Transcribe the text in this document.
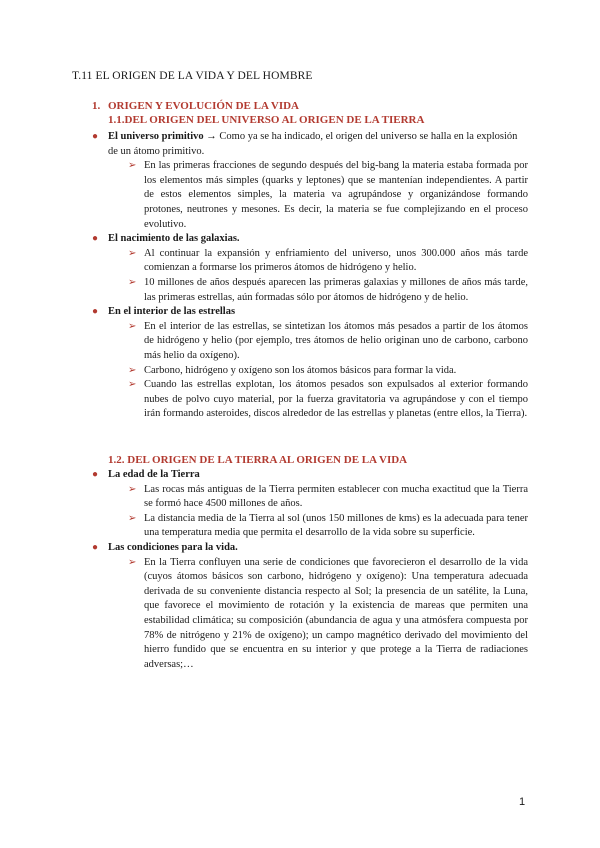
T.11 EL ORIGEN DE LA VIDA Y DEL HOMBRE
1. ORIGEN Y EVOLUCIÓN DE LA VIDA
1.1.DEL ORIGEN DEL UNIVERSO AL ORIGEN DE LA TIERRA
● El universo primitivo → Como ya se ha indicado, el origen del universo se halla en la explosión de un átomo primitivo.
➢ En las primeras fracciones de segundo después del big-bang la materia estaba formada por los elementos más simples (quarks y leptones) que se mantenían independientes. A partir de estos elementos simples, la materia va agrupándose y organizándose formando protones, neutrones y mesones. Es decir, la materia se fue complejizando en el proceso evolutivo.
● El nacimiento de las galaxias.
➢ Al continuar la expansión y enfriamiento del universo, unos 300.000 años más tarde comienzan a formarse los primeros átomos de hidrógeno y helio.
➢ 10 millones de años después aparecen las primeras galaxias y millones de años más tarde, las primeras estrellas, aún formadas sólo por átomos de hidrógeno y de helio.
● En el interior de las estrellas
➢ En el interior de las estrellas, se sintetizan los átomos más pesados a partir de los átomos de hidrógeno y helio (por ejemplo, tres átomos de helio originan uno de carbono, carbono más helio da oxígeno).
➢ Carbono, hidrógeno y oxígeno son los átomos básicos para formar la vida.
➢ Cuando las estrellas explotan, los átomos pesados son expulsados al exterior formando nubes de polvo cuyo material, por la fuerza gravitatoria va agrupándose y con el tiempo irán formando asteroides, discos alrededor de las estrellas y planetas (entre ellos, la Tierra).
1.2. DEL ORIGEN DE LA TIERRA AL ORIGEN DE LA VIDA
● La edad de la Tierra
➢ Las rocas más antiguas de la Tierra permiten establecer con mucha exactitud que la Tierra se formó hace 4500 millones de años.
➢ La distancia media de la Tierra al sol (unos 150 millones de kms) es la adecuada para tener una temperatura media que permita el desarrollo de la vida sobre su superficie.
● Las condiciones para la vida.
➢ En la Tierra confluyen una serie de condiciones que favorecieron el desarrollo de la vida (cuyos átomos básicos son carbono, hidrógeno y oxígeno): Una temperatura adecuada derivada de su conveniente distancia respecto al Sol; la presencia de un satélite, la Luna, que favorece el movimiento de rotación y la existencia de mareas que permiten una estabilidad climática; su composición (abundancia de agua y una atmósfera compuesta por 78% de nitrógeno y 21% de oxígeno); un campo magnético derivado del movimiento del hierro fundido que se encuentra en su interior y que protege a la Tierra de radiaciones adversas;…
1
